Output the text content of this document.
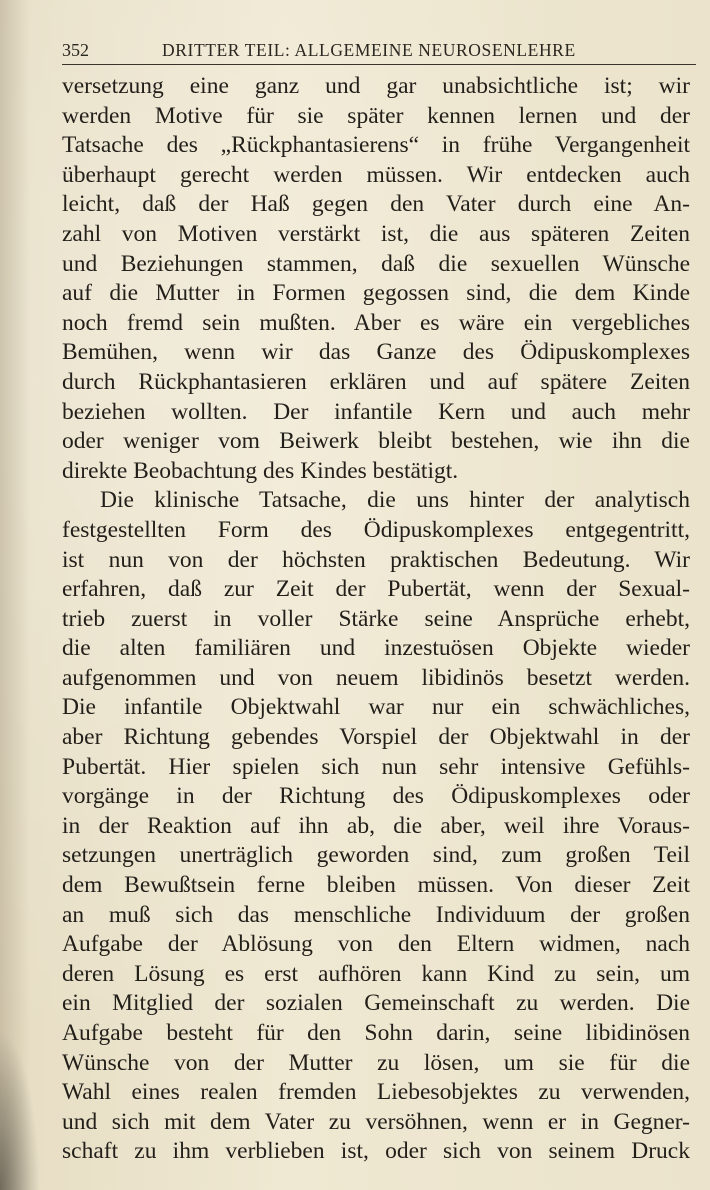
352	DRITTER TEIL: ALLGEMEINE NEUROSENLEHRE
versetzung eine ganz und gar unabsichtliche ist; wir
werden Motive für sie später kennen lernen und der
Tatsache des „Rückphantasierens“ in frühe Vergangenheit
überhaupt gerecht werden müssen. Wir entdecken auch
leicht, daß der Haß gegen den Vater durch eine An-
zahl von Motiven verstärkt ist, die aus späteren Zeiten
und Beziehungen stammen, daß die sexuellen Wünsche
auf die Mutter in Formen gegossen sind, die dem Kinde
noch fremd sein mußten. Aber es wäre ein vergebliches
Bemühen, wenn wir das Ganze des Ödipuskomplexes
durch Rückphantasieren erklären und auf spätere Zeiten
beziehen wollten. Der infantile Kern und auch mehr
oder weniger vom Beiwerk bleibt bestehen, wie ihn die
direkte Beobachtung des Kindes bestätigt.
Die klinische Tatsache, die uns hinter der analytisch
festgestellten Form des Ödipuskomplexes entgegentritt,
ist nun von der höchsten praktischen Bedeutung. Wir
erfahren, daß zur Zeit der Pubertät, wenn der Sexual-
trieb zuerst in voller Stärke seine Ansprüche erhebt,
die alten familiären und inzestuösen Objekte wieder
aufgenommen und von neuem libidinös besetzt werden.
Die infantile Objektwahl war nur ein schwächliches,
aber Richtung gebendes Vorspiel der Objektwahl in der
Pubertät. Hier spielen sich nun sehr intensive Gefühls-
vorgänge in der Richtung des Ödipuskomplexes oder
in der Reaktion auf ihn ab, die aber, weil ihre Voraus-
setzungen unerträglich geworden sind, zum großen Teil
dem Bewußtsein ferne bleiben müssen. Von dieser Zeit
an muß sich das menschliche Individuum der großen
Aufgabe der Ablösung von den Eltern widmen, nach
deren Lösung es erst aufhören kann Kind zu sein, um
ein Mitglied der sozialen Gemeinschaft zu werden. Die
Aufgabe besteht für den Sohn darin, seine libidinösen
Wünsche von der Mutter zu lösen, um sie für die
Wahl eines realen fremden Liebesobjektes zu verwenden,
und sich mit dem Vater zu versöhnen, wenn er in Gegner-
schaft zu ihm verblieben ist, oder sich von seinem Druck
